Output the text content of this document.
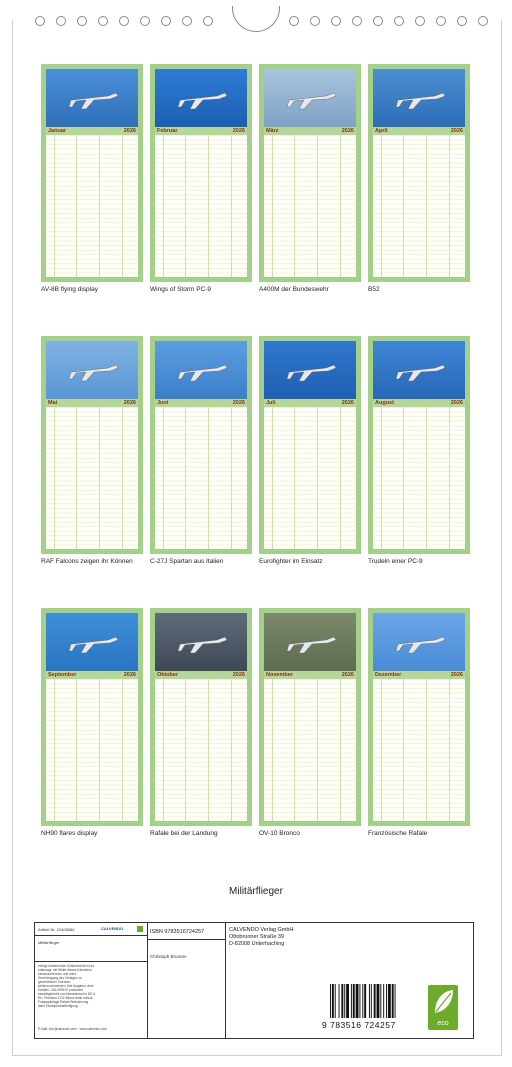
Januar	2026
AV-8B flying display
Februar	2026
Wings of Storm PC-9
März	2026
A400M der Bundeswehr
April	2026
B52
Mai	2026
RAF Falcons zeigen ihr Können
Juni	2026
C-27J Spartan aus Italien
Juli	2026
Eurofighter im Einsatz
August	2026
Trudeln einer PC-9
September	2026
NH90 flares display
Oktober	2026
Rafale bei der Landung
November	2026
OV-10 Bronco
Dezember	2026
Französische Rafale
Militärflieger
Artikel-Nr. 22408086	CALVENDO
Militärflieger
Infolge bestehender Schutzrechte ist es untersagt, die Bilder dieses Kalenders herauszutrennen und ohne Genehmigung des Verlages zu gewerblichen Zwecken weiterzuverwenden. Alle Angaben ohne Gewähr. CALVENDO produziert bedarfsgerecht und klimaneutral in DE & EU. Premium-CO2-Bilanz dank zurück. Fotopapierlage Rafale Reduzierung dank Einzelproduktfertigung.
E-Mail: info@calvendo.com · www.calvendo.com
ISBN 9783516724257
Christoph Brunner
CALVENDO Verlag GmbH
Ottobrunner Straße 39
D-82008 Unterhaching
9 783516 724257	eco
